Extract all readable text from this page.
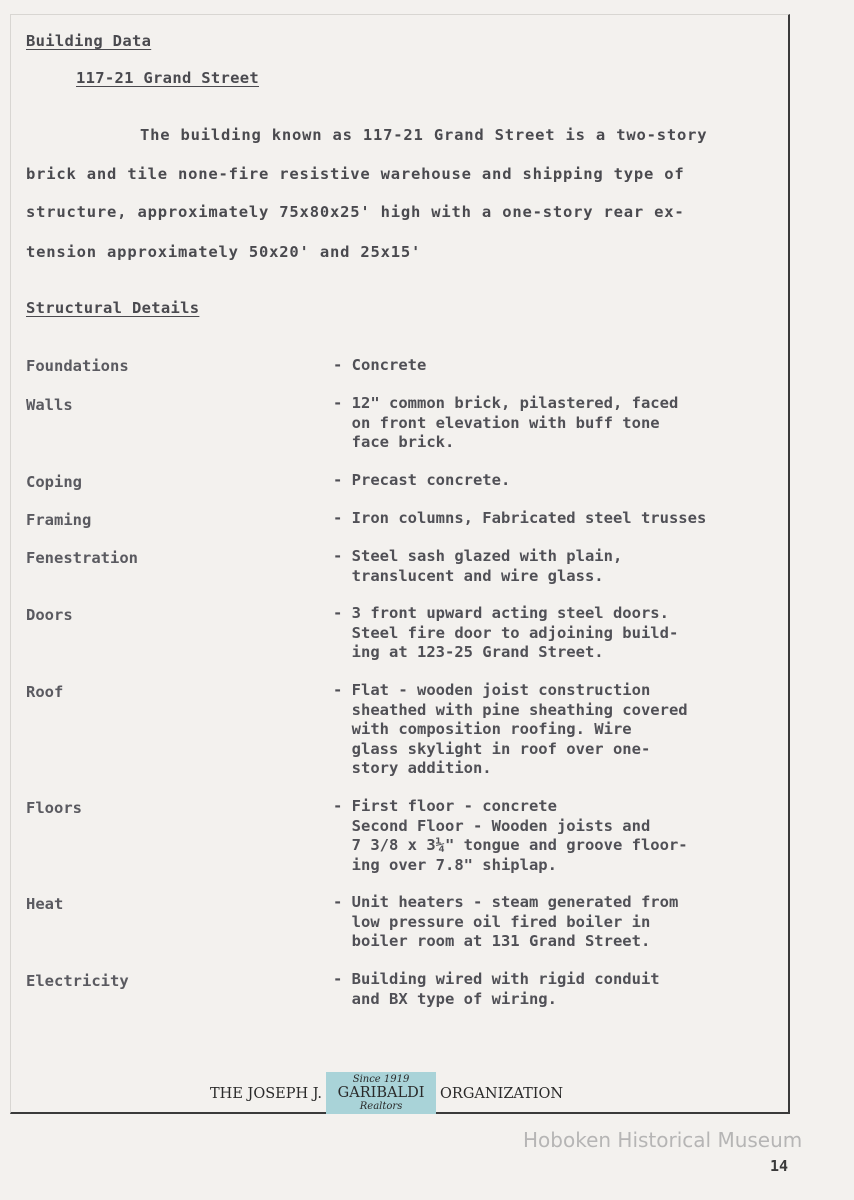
Building Data
117-21 Grand Street
The building known as 117-21 Grand Street is a two-story
brick and tile none-fire resistive warehouse and shipping type of
structure, approximately 75x80x25' high with a one-story rear ex-
tension approximately 50x20' and 25x15'
Structural Details
Foundations	- Concrete
Walls	- 12" common brick, pilastered, faced
on front elevation with buff tone
face brick.
Coping	- Precast concrete.
Framing	- Iron columns, Fabricated steel trusses
Fenestration	- Steel sash glazed with plain,
translucent and wire glass.
Doors	- 3 front upward acting steel doors.
Steel fire door to adjoining build-
ing at 123-25 Grand Street.
Roof	- Flat - wooden joist construction
sheathed with pine sheathing covered
with composition roofing. Wire
glass skylight in roof over one-
story addition.
Floors	- First floor - concrete
Second Floor - Wooden joists and
7 3/8 x 3¼" tongue and groove floor-
ing over 7.8" shiplap.
Heat	- Unit heaters - steam generated from
low pressure oil fired boiler in
boiler room at 131 Grand Street.
Electricity	- Building wired with rigid conduit
and BX type of wiring.
THE JOSEPH J.
Since 1919
GARIBALDI
Realtors
ORGANIZATION
Hoboken Historical Museum
14
